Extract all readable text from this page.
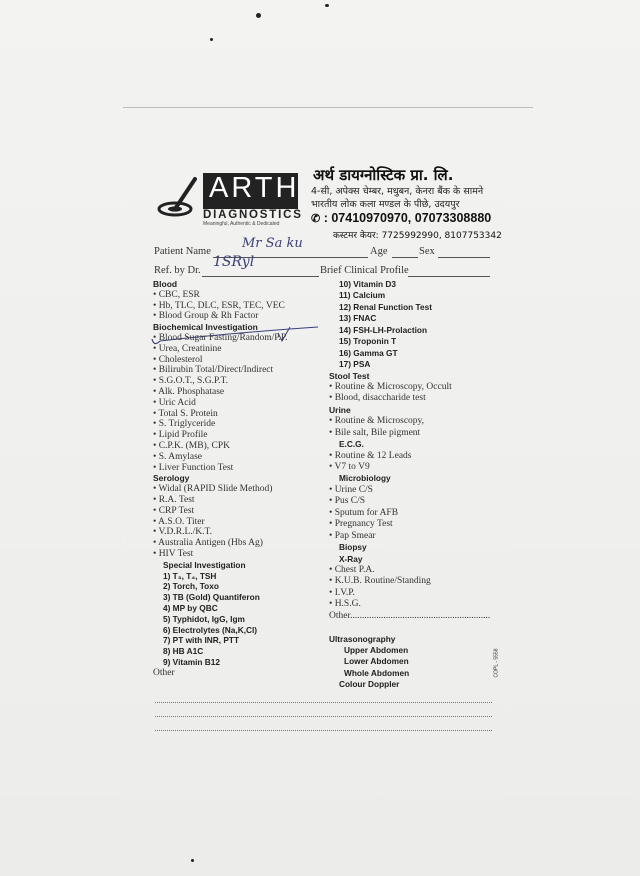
ARTH
DIAGNOSTICS
Meaningful, Authentic & Dedicated
अर्थ डायग्नोस्टिक प्रा. लि.
4-सी, अपेक्स चेम्बर, मधुबन, केनरा बैंक के सामने
भारतीय लोक कला मण्डल के पीछे, उदयपुर
✆ : 07410970970, 07073308880
कस्टमर केयर: 7725992990, 8107753342
Patient Name
Mr Sa ku
Age	Sex
Ref. by Dr.
1SRyl
Brief Clinical Profile
Blood
• CBC, ESR
• Hb, TLC, DLC, ESR, TEC, VEC
• Blood Group & Rh Factor
Biochemical Investigation
• Blood Sugar Fasting/Random/P.P.
• Urea, Creatinine
• Cholesterol
• Bilirubin Total/Direct/Indirect
• S.G.O.T., S.G.P.T.
• Alk. Phosphatase
• Uric Acid
• Total S. Protein
• S. Triglyceride
• Lipid Profile
• C.P.K. (MB), CPK
• S. Amylase
• Liver Function Test
Serology
• Widal (RAPID Slide Method)
• R.A. Test
• CRP Test
• A.S.O. Titer
• V.D.R.L./K.T.
• Australia Antigen (Hbs Ag)
• HIV Test
Special Investigation
1) T₃, T₄, TSH
2) Torch, Toxo
3) TB (Gold) Quantiferon
4) MP by QBC
5) Typhidot, IgG, Igm
6) Electrolytes (Na,K,Cl)
7) PT with INR, PTT
8) HB A1C
9) Vitamin B12
Other
10) Vitamin D3
11) Calcium
12) Renal Function Test
13) FNAC
14) FSH-LH-Prolaction
15) Troponin T
16) Gamma GT
17) PSA
Stool Test
• Routine & Microscopy, Occult
• Blood, disaccharide test
Urine
• Routine & Microscopy,
• Bile salt, Bile pigment
E.C.G.
• Routine & 12 Leads
• V7 to V9
Microbiology
• Urine C/S
• Pus C/S
• Sputum for AFB
• Pregnancy Test
• Pap Smear
Biopsy
X-Ray
• Chest P.A.
• K.U.B. Routine/Standing
• I.V.P.
• H.S.G.
Other...........................................................
Ultrasonography
Upper Abdomen
Lower Abdomen
Whole Abdomen
Colour Doppler
COPL - 5558
